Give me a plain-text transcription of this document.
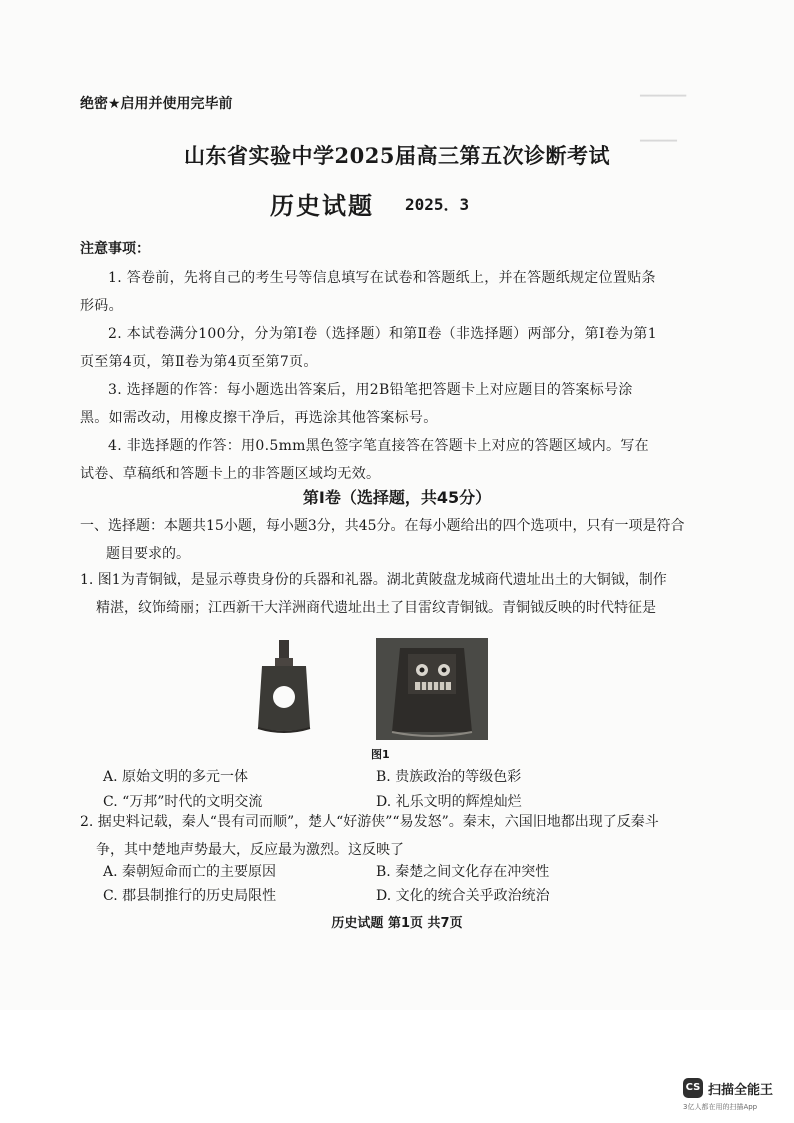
▔▔▔▔▔
▔▔▔▔
绝密★启用并使用完毕前
山东省实验中学2025届高三第五次诊断考试
历史试题 2025．3
注意事项：
1. 答卷前，先将自己的考生号等信息填写在试卷和答题纸上，并在答题纸规定位置贴条形码。
2. 本试卷满分100分，分为第Ⅰ卷（选择题）和第Ⅱ卷（非选择题）两部分，第Ⅰ卷为第1页至第4页，第Ⅱ卷为第4页至第7页。
3. 选择题的作答：每小题选出答案后，用2B铅笔把答题卡上对应题目的答案标号涂黑。如需改动，用橡皮擦干净后，再选涂其他答案标号。
4. 非选择题的作答：用0.5mm黑色签字笔直接答在答题卡上对应的答题区域内。写在试卷、草稿纸和答题卡上的非答题区域均无效。
第Ⅰ卷（选择题，共45分）
一、选择题：本题共15小题，每小题3分，共45分。在每小题给出的四个选项中，只有一项是符合题目要求的。
1. 图1为青铜钺，是显示尊贵身份的兵器和礼器。湖北黄陂盘龙城商代遗址出土的大铜钺，制作精湛，纹饰绮丽；江西新干大洋洲商代遗址出土了目雷纹青铜钺。青铜钺反映的时代特征是
图1
A. 原始文明的多元一体	B. 贵族政治的等级色彩
C. “万邦”时代的文明交流	D. 礼乐文明的辉煌灿烂
2. 据史料记载，秦人“畏有司而顺”，楚人“好游侠”“易发怒”。秦末，六国旧地都出现了反秦斗争，其中楚地声势最大，反应最为激烈。这反映了
A. 秦朝短命而亡的主要原因	B. 秦楚之间文化存在冲突性
C. 郡县制推行的历史局限性	D. 文化的统合关乎政治统治
历史试题 第1页 共7页
CS 扫描全能王
3亿人都在用的扫描App
